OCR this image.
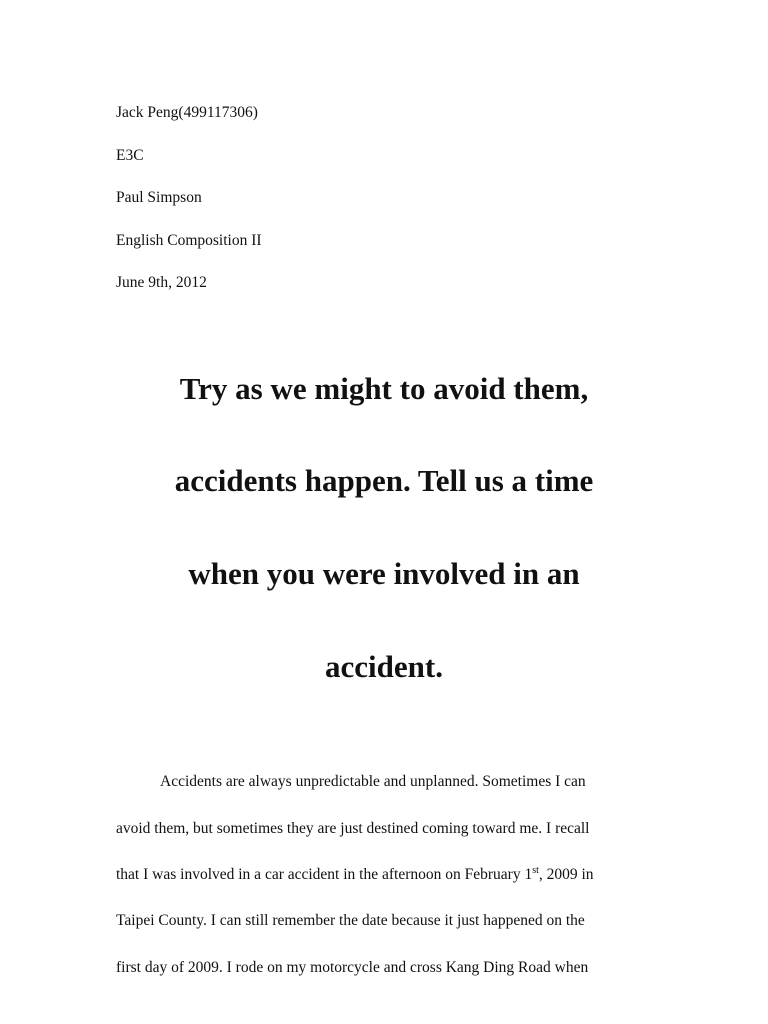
Jack Peng(499117306)
E3C
Paul Simpson
English Composition II
June 9th, 2012
Try as we might to avoid them,
accidents happen. Tell us a time
when you were involved in an
accident.
Accidents are always unpredictable and unplanned. Sometimes I can
avoid them, but sometimes they are just destined coming toward me. I recall
that I was involved in a car accident in the afternoon on February 1st, 2009 in
Taipei County. I can still remember the date because it just happened on the
first day of 2009. I rode on my motorcycle and cross Kang Ding Road when
